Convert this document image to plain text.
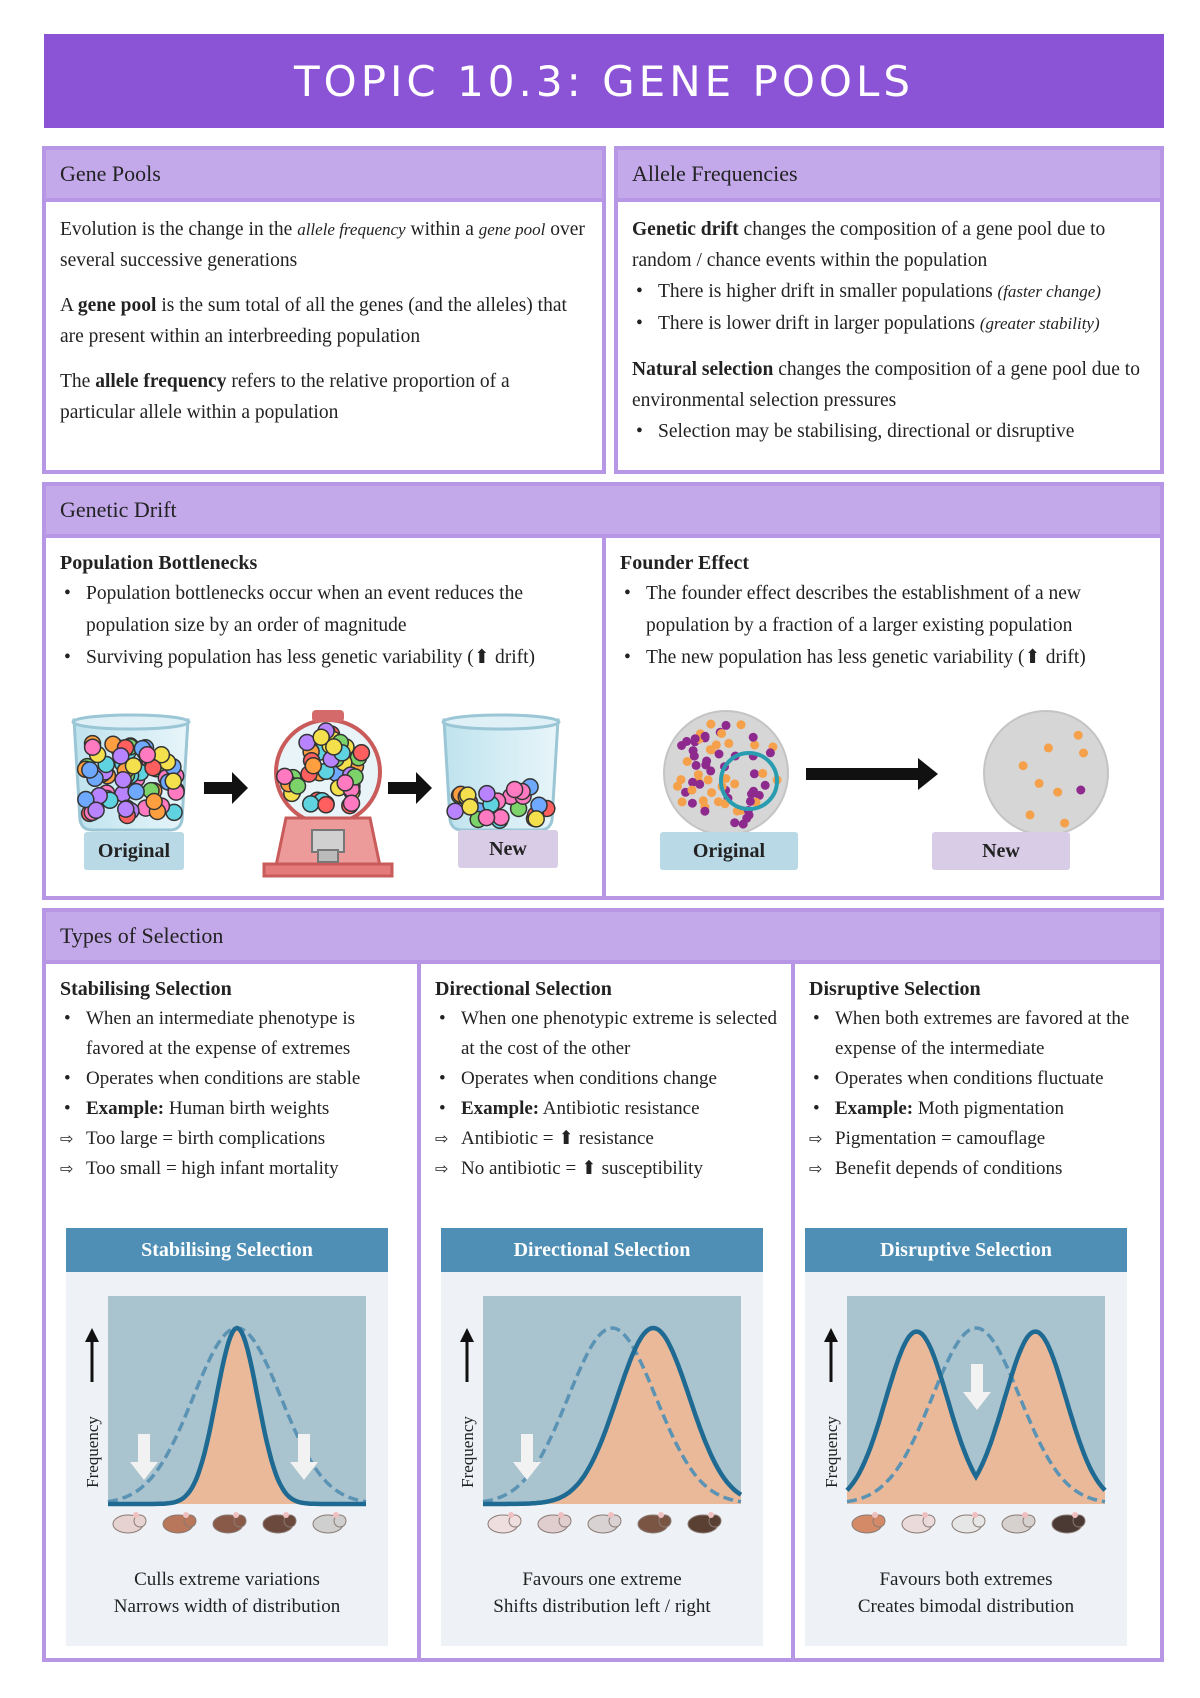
TOPIC 10.3: GENE POOLS
Gene Pools

Evolution is the change in the allele frequency within a gene pool over several successive generations

A gene pool is the sum total of all the genes (and the alleles) that are present within an interbreeding population

The allele frequency refers to the relative proportion of a particular allele within a population

Allele Frequencies
Genetic drift changes the composition of a gene pool due to random / chance events within the population
• There is higher drift in smaller populations (faster change)
• There is lower drift in larger populations (greater stability)
Natural selection changes the composition of a gene pool due to environmental selection pressures
• Selection may be stabilising, directional or disruptive
Genetic Drift
Population Bottlenecks
• Population bottlenecks occur when an event reduces the population size by an order of magnitude
• Surviving population has less genetic variability (⬆ drift)
Original	New
Founder Effect
• The founder effect describes the establishment of a new population by a fraction of a larger existing population
• The new population has less genetic variability (⬆ drift)
Original	New
Types of Selection
Stabilising Selection
• When an intermediate phenotype is favored at the expense of extremes
• Operates when conditions are stable
• Example: Human birth weights
⇨ Too large = birth complications
⇨ Too small = high infant mortality
Stabilising Selection
Frequency
Culls extreme variations
Narrows width of distribution
Directional Selection
• When one phenotypic extreme is selected at the cost of the other
• Operates when conditions change
• Example: Antibiotic resistance
⇨ Antibiotic = ⬆ resistance
⇨ No antibiotic = ⬆ susceptibility
Directional Selection
Frequency
Favours one extreme
Shifts distribution left / right
Disruptive Selection
• When both extremes are favored at the expense of the intermediate
• Operates when conditions fluctuate
• Example: Moth pigmentation
⇨ Pigmentation = camouflage
⇨ Benefit depends of conditions
Disruptive Selection
Frequency
Favours both extremes
Creates bimodal distribution
